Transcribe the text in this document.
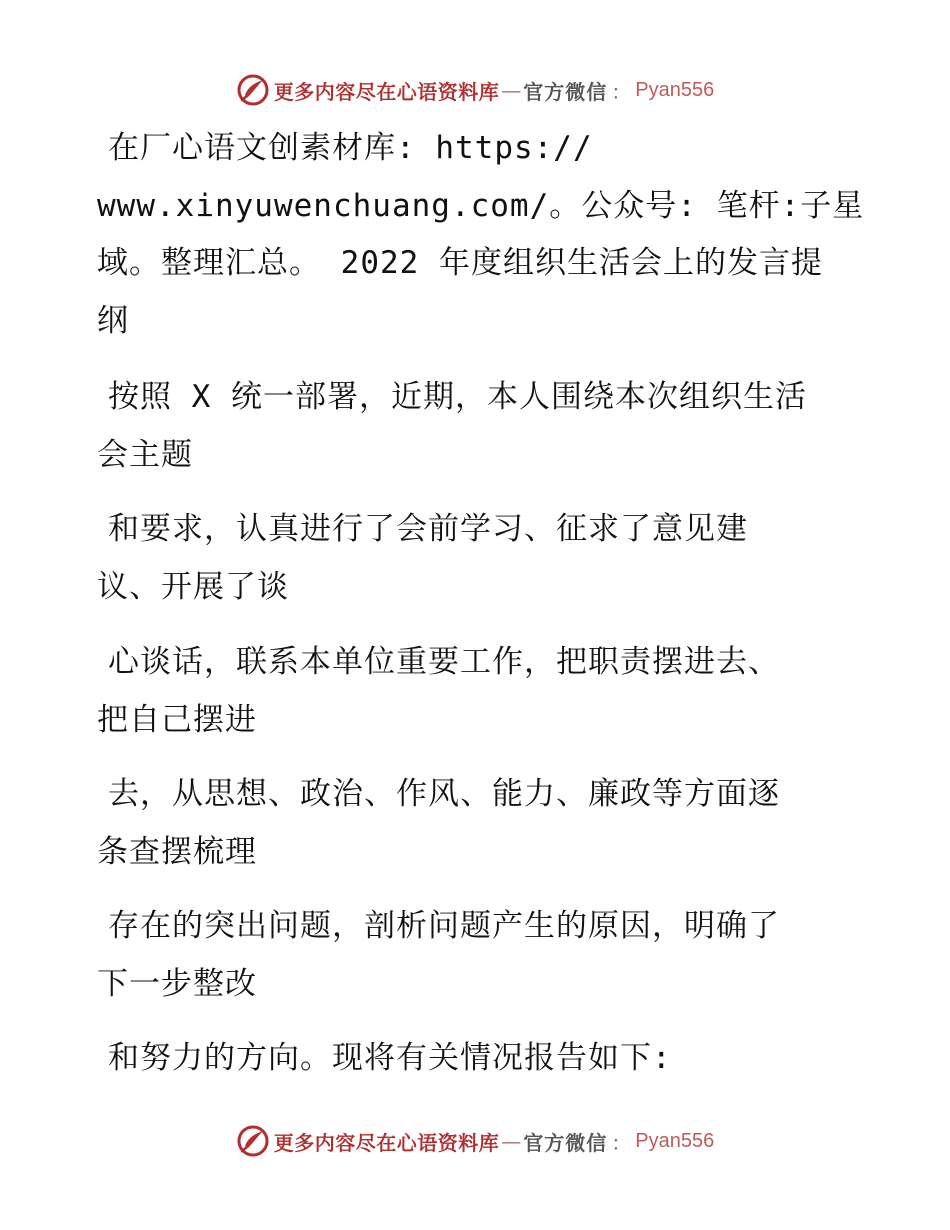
更多内容尽在心语资料库 — 官方微信 ： Pyan556
在厂心语文创素材库: https://
www.xinyuwenchuang.com/。公众号: 笔杆:子星
域。整理汇总。 2022 年度组织生活会上的发言提
纲
按照 X 统一部署，近期，本人围绕本次组织生活
会主题
和要求，认真进行了会前学习、征求了意见建
议、开展了谈
心谈话，联系本单位重要工作，把职责摆进去、
把自己摆进
去，从思想、政治、作风、能力、廉政等方面逐
条查摆梳理
存在的突出问题，剖析问题产生的原因，明确了
下一步整改
和努力的方向。现将有关情况报告如下:
更多内容尽在心语资料库 — 官方微信 ： Pyan556
